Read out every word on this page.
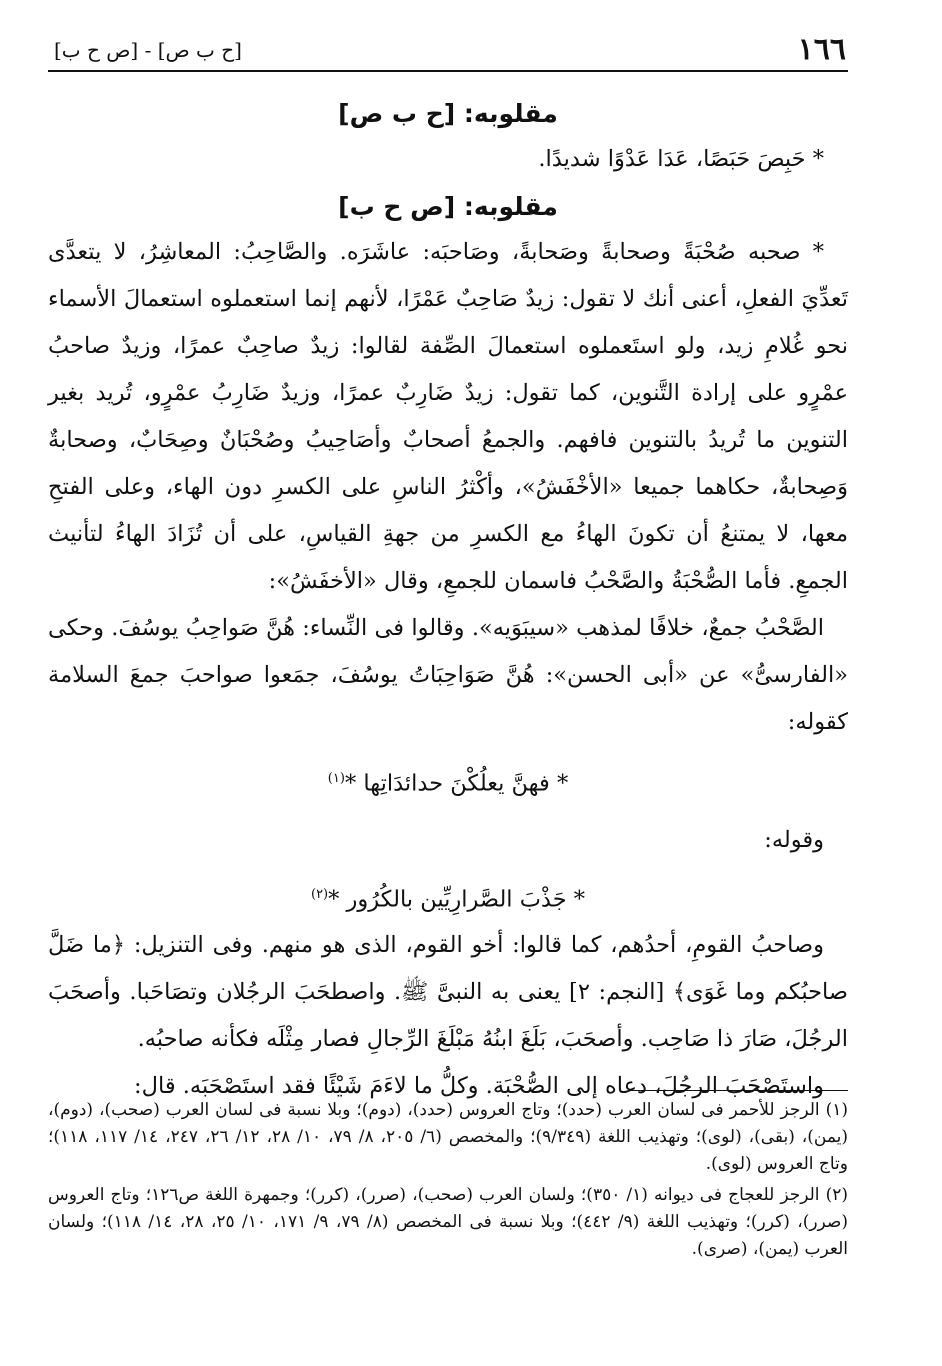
١٦٦
[ح ب ص] - [ص ح ب]
مقلوبه: [ح ب ص]

* حَبِصَ حَبَصًا، عَدَا عَدْوًا شديدًا.

مقلوبه: [ص ح ب]

* صحبه صُحْبَةً وصحابةً وصَحابةً، وصَاحبَه: عاشَرَه. والصَّاحِبُ: المعاشِرُ، لا يتعدَّى تَعدِّيَ الفعلِ، أعنى أنك لا تقول: زيدٌ صَاحِبٌ عَمْرًا، لأنهم إنما استعملوه استعمالَ الأسماء نحو غُلامِ زيد، ولو استَعملوه استعمالَ الصِّفة لقالوا: زيدٌ صاحِبٌ عمرًا، وزيدٌ صاحبُ عمْرٍو على إرادة التَّنوين، كما تقول: زيدٌ ضَارِبٌ عمرًا، وزيدٌ ضَارِبُ عمْرٍو، تُريد بغير التنوين ما تُريدُ بالتنوين فافهم. والجمعُ أصحابٌ وأصَاحِيبُ وصُحْبَانٌ وصِحَابٌ، وصحابةٌ وَصِحابةٌ، حكاهما جميعا «الأخْفَشُ»، وأكْثرُ الناسِ على الكسرِ دون الهاء، وعلى الفتحِ معها، لا يمتنعُ أن تكونَ الهاءُ مع الكسرِ من جهةِ القياسِ، على أن تُزَادَ الهاءُ لتأنيث الجمعِ. فأما الصُّحْبَةُ والصَّحْبُ فاسمان للجمعِ، وقال «الأخفَشُ»:

الصَّحْبُ جمعٌ، خلافًا لمذهب «سيبَوَيه». وقالوا فى النِّساء: هُنَّ صَواحِبُ يوسُفَ. وحكى «الفارسىُّ» عن «أبى الحسن»: هُنَّ صَوَاحِبَاتُ يوسُفَ، جمَعوا صواحبَ جمعَ السلامة كقوله:

* فهنَّ يعلُكْنَ حدائدَاتِها *$^{(١)}$
وقوله:
* جَذْبَ الصَّرارِيِّين بالكُرُور *$^{(٢)}$

وصاحبُ القومِ، أحدُهم، كما قالوا: أخو القوم، الذى هو منهم. وفى التنزيل: ﴿ما ضَلَّ صاحبُكم وما غَوَى﴾ [النجم: ٢] يعنى به النبىَّ ﷺ. واصطحَبَ الرجُلان وتصَاحَبا. وأصحَبَ الرجُلَ، صَارَ ذا صَاحِب. وأصحَبَ، بَلَغَ ابنُهُ مَبْلَغَ الرِّجالِ فصار مِثْلَه فكأنه صاحبُه.

واستَصْحَبَ الرجُلَ، دعاه إلى الصُّحْبَة. وكلُّ ما لاءَمَ شَيْئًا فقد استَصْحَبَه. قال:

(١) الرجز للأحمر فى لسان العرب (حدد)؛ وتاج العروس (حدد)، (دوم)؛ وبلا نسبة فى لسان العرب (صحب)، (دوم)، (يمن)، (بقى)، (لوى)؛ وتهذيب اللغة (٩/٣٤٩)؛ والمخصص (٦/ ٢٠٥، ٨/ ٧٩، ١٠/ ٢٨، ١٢/ ٢٦، ٢٤٧، ١٤/ ١١٧، ١١٨)؛ وتاج العروس (لوى).

(٢) الرجز للعجاج فى ديوانه (١/ ٣٥٠)؛ ولسان العرب (صحب)، (صرر)، (كرر)؛ وجمهرة اللغة ص١٢٦؛ وتاج العروس (صرر)، (كرر)؛ وتهذيب اللغة (٩/ ٤٤٢)؛ وبلا نسبة فى المخصص (٨/ ٧٩، ٩/ ١٧١، ١٠/ ٢٥، ٢٨، ١٤/ ١١٨)؛ ولسان العرب (يمن)، (صرى).
